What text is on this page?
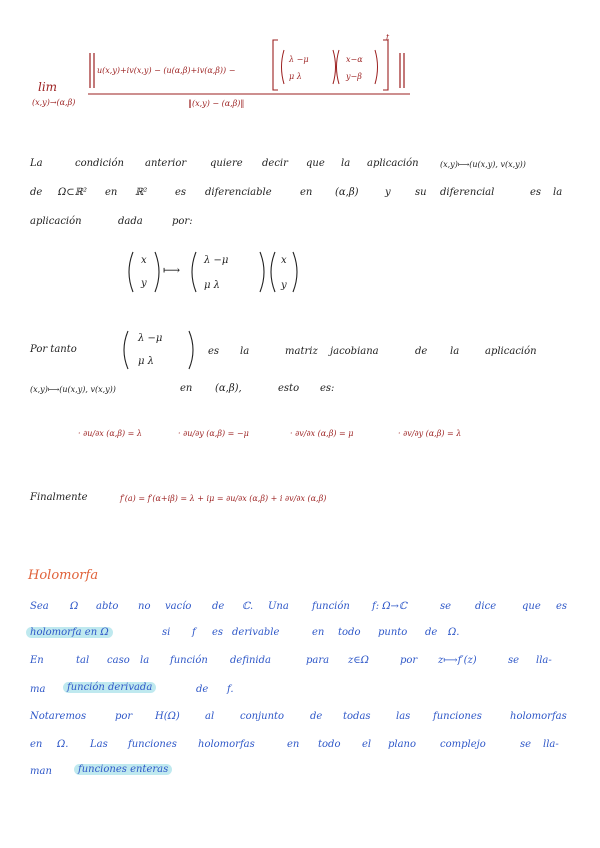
lim
(x,y)→(α,β)
u(x,y)+iv(x,y) − (u(α,β)+iv(α,β)) −
λ −μ
μ λ
x−α
y−β
t
‖(x,y) − (α,β)‖
La	condición anterior quiere decir que la aplicación	(x,y)⟼(u(x,y), v(x,y))
de Ω⊂ℝ² en ℝ²	es diferenciable	en (α,β)	y su diferencial	es la
aplicación	dada	por:
x
y
⟼
λ −μ
μ λ
x
y
Por tanto
λ −μ
μ λ
es la	matriz jacobiana	de la	aplicación
(x,y)⟼(u(x,y), v(x,y))	en (α,β),	esto es:
· ∂u/∂x (α,β) = λ	· ∂u/∂y (α,β) = −μ	· ∂v/∂x (α,β) = μ	· ∂v/∂y (α,β) = λ
Finalmente	f′(a) = f′(α+iβ) = λ + iμ = ∂u/∂x (α,β) + i ∂v/∂x (α,β)
Holomorfa
Sea Ω abto no vacío de ℂ. Una función f: Ω→ℂ	se dice	que es
holomorfa en Ω	si f es derivable	en todo punto de Ω.
En	tal caso la función definida	para z∈Ω	por z⟼f′(z)	se lla-
ma	función derivada	de f.
Notaremos	por H(Ω)	al	conjunto	de todas	las funciones	holomorfas
en Ω. Las funciones holomorfas	en todo el plano complejo	se lla-
man	funciones enteras
